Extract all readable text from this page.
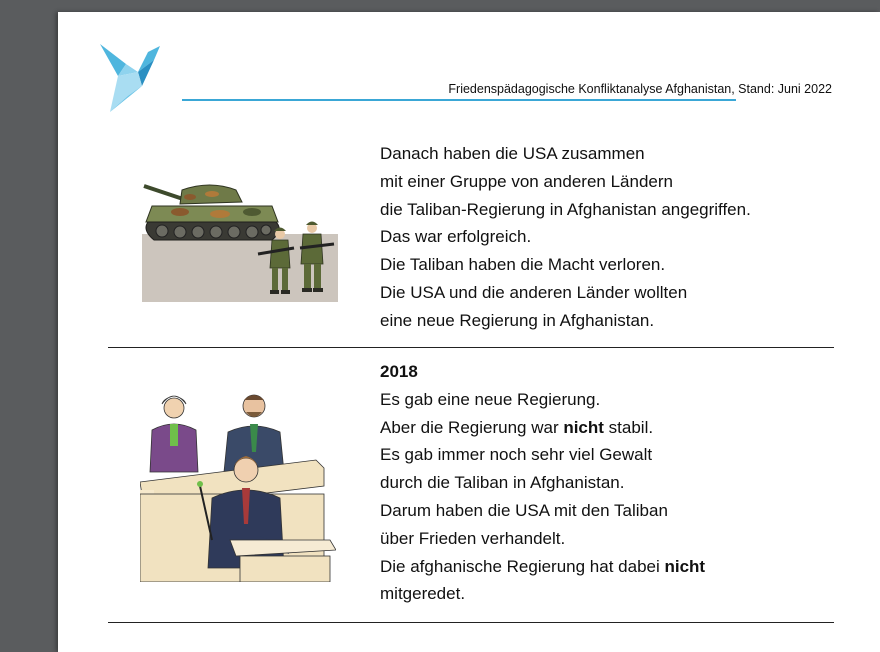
Friedenspädagogische Konfliktanalyse Afghanistan, Stand: Juni 2022
Danach haben die USA zusammen
mit einer Gruppe von anderen Ländern
die Taliban-Regierung in Afghanistan angegriffen.
Das war erfolgreich.
Die Taliban haben die Macht verloren.
Die USA und die anderen Länder wollten
eine neue Regierung in Afghanistan.
2018
Es gab eine neue Regierung.
Aber die Regierung war nicht stabil.
Es gab immer noch sehr viel Gewalt
durch die Taliban in Afghanistan.
Darum haben die USA mit den Taliban
über Frieden verhandelt.
Die afghanische Regierung hat dabei nicht
mitgeredet.
